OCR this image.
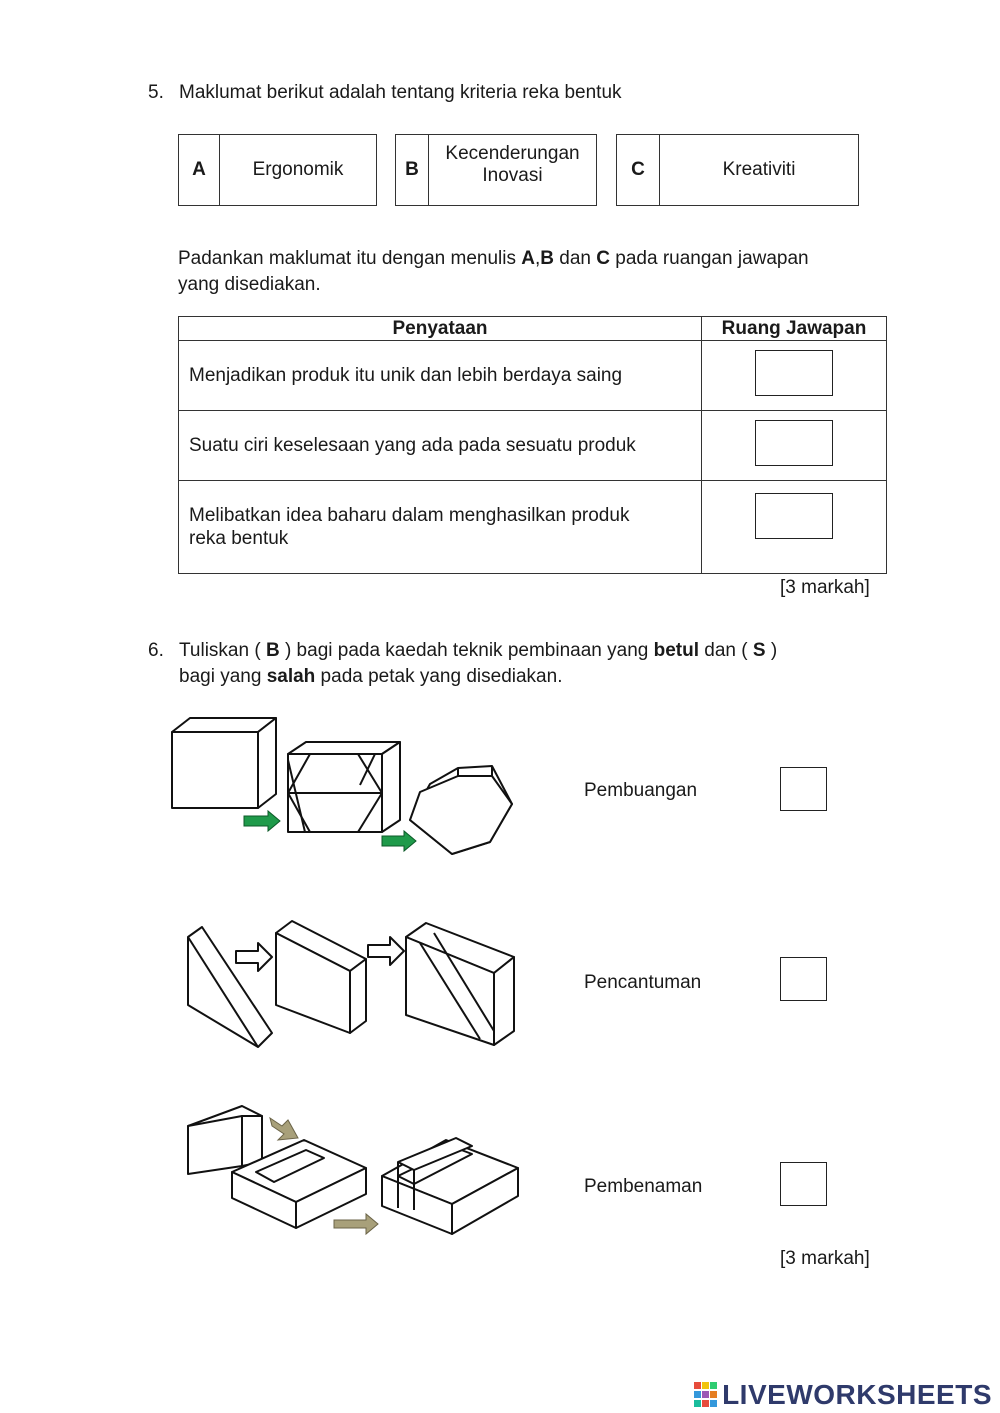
5. Maklumat berikut adalah tentang kriteria reka bentuk
A	Ergonomik	B
Kecenderungan Inovasi	C	Kreativiti
Padankan maklumat itu dengan menulis A,B dan C pada ruangan jawapan
yang disediakan.
Penyataan	Ruang Jawapan
Menjadikan produk itu unik dan lebih berdaya saing	
Suatu ciri keselesaan yang ada pada sesuatu produk	
Melibatkan idea baharu dalam menghasilkan produk reka bentuk	
[3 markah]
6. Tuliskan ( B ) bagi pada kaedah teknik pembinaan yang betul dan ( S )
bagi yang salah pada petak yang disediakan.
Pembuangan
Pencantuman
Pembenaman
[3 markah]
LIVEWORKSHEETS
